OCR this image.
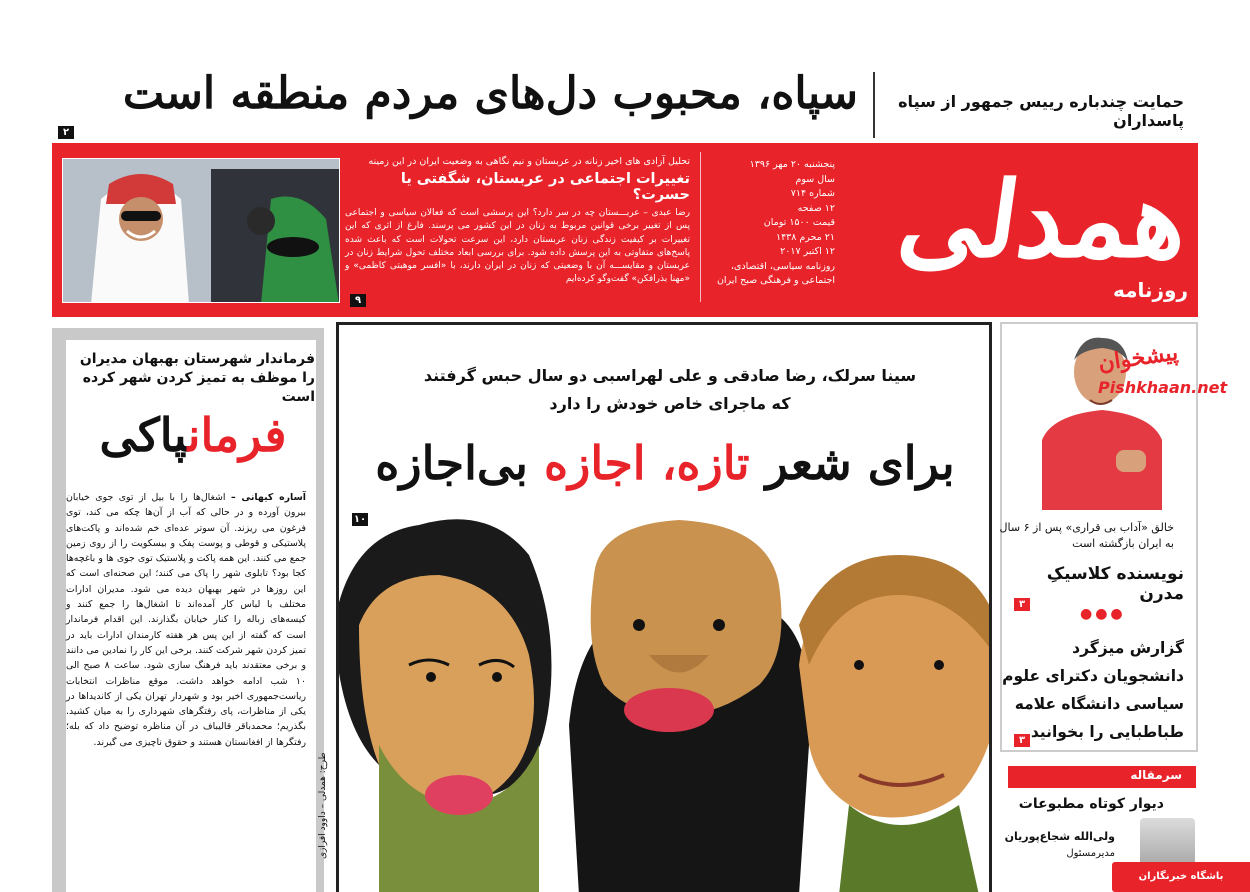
حمایت چندباره رییس جمهور از سپاه پاسداران
سپاه، محبوب دل‌های مردم منطقه است
۲
همدلی
روزنامه
پنجشنبه ۲۰ مهر ۱۳۹۶
سال سوم
شماره ۷۱۴
۱۲ صفحه
قیمت ۱۵۰۰ تومان
۲۱ محرم ۱۴۳۸
۱۲ اکتبر ۲۰۱۷
روزنامه سیاسی، اقتصادی،
اجتماعی و فرهنگی صبح ایران
تحلیل آزادی های اخیر زنانه در عربستان و نیم نگاهی به وضعیت ایران در این زمینه
تغییرات اجتماعی در عربستان، شگفتی یا حسرت؟
رضا عبدی – عربـــستان چه در سر دارد؟ این پرسشی است که فعالان سیاسی و اجتماعی پس از تغییر برخی قوانین مربوط به زنان در این کشور می پرسند. فارغ از اثری که این تغییرات بر کیفیت زندگی زنان عربستان دارد، این سرعت تحولات است که باعث شده پاسخ‌های متفاوتی به این پرسش داده شود. برای بررسی ابعاد مختلف تحول شرایط زنان در عربستان و مقایســـه آن با وضعیتی که زنان در ایران دارند، با «افسر موهبتی کاظمی» و «مهنا بذرافکن» گفت‌وگو کرده‌ایم
۹
فرماندار شهرستان بهبهان مدیران را موظف به تمیز کردن شهر کرده است
فرمانپاکی
آساره کیهانی – اشغال‌ها را با بیل از توی جوی خیابان بیرون آورده و در حالی که آب از آن‌ها چکه می کند، توی فرغون می ریزند. آن سوتر عده‌ای خم شده‌اند و پاکت‌های پلاستیکی و قوطی و پوست پفک و بیسکویت را از روی زمین جمع می کنند. این همه پاکت و پلاستیک توی جوی ها و باغچه‌ها کجا بود؟ تابلوی شهر را پاک می کنند؛ این صحنه‌ای است که این روزها در شهر بهبهان دیده می شود. مدیران ادارات مختلف با لباس کار آمده‌اند تا اشغال‌ها را جمع کنند و کیسه‌های زباله را کنار خیابان بگذارند. این اقدام فرماندار است که گفته از این پس هر هفته کارمندان ادارات باید در تمیز کردن شهر شرکت کنند. برخی این کار را نمادین می دانند و برخی معتقدند باید فرهنگ سازی شود. ساعت ۸ صبح الی ۱۰ شب ادامه خواهد داشت. موقع مناظرات انتخابات ریاست‌جمهوری اخیر بود و شهردار تهران یکی از کاندیداها در یکی از مناظرات، پای رفتگرهای شهرداری را به میان کشید. بگذریم؛ محمدباقر قالیباف در آن مناظره توضیح داد که بله؛ رفتگرها از افغانستان هستند و حقوق ناچیزی می گیرند.
طرح: همدلی – داوود افرازی
سینا سرلک، رضا صادقی و علی لهراسبی دو سال حبس گرفتند
که ماجرای خاص خودش را دارد
برای شعر تازه، اجازه بی‌اجازه
۱۰
پیشخوان
Pishkhaan.net
خالق «آداب بی قراری» پس از ۶ سال به ایران بازگشته است
نویسنده کلاسیکِ مدرن
۳
●●●
گزارش میزگرد دانشجویان دکترای علوم سیاسی دانشگاه علامه طباطبایی را بخوانید
۳
سرمقاله
دیوار کوتاه مطبوعات
ولی‌الله شجاع‌پوریان
مدیرمسئول
باشگاه خبرنگاران
